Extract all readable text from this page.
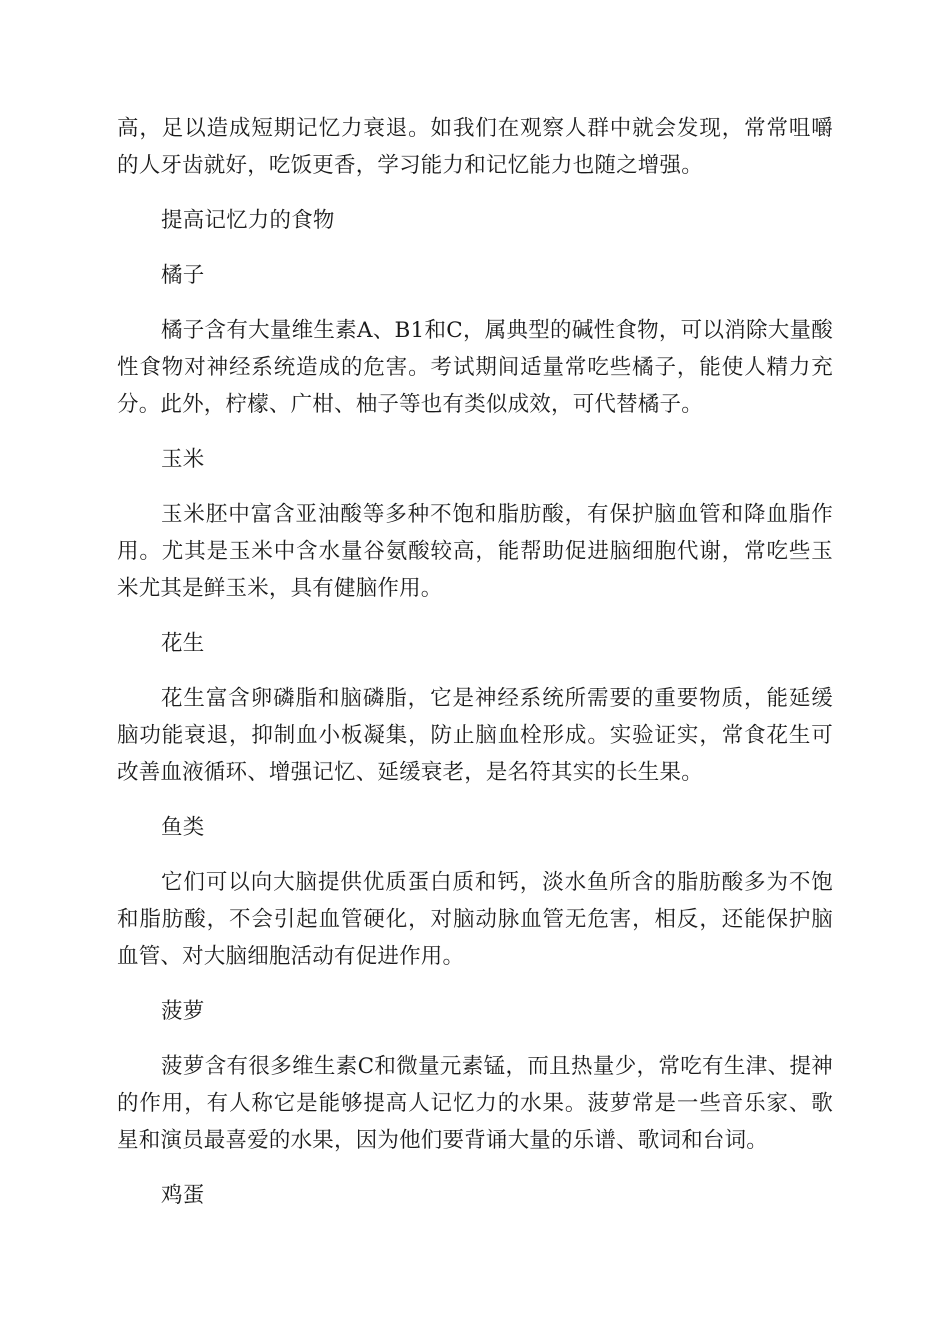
高，足以造成短期记忆力衰退。如我们在观察人群中就会发现，常常咀嚼的人牙齿就好，吃饭更香，学习能力和记忆能力也随之增强。

提高记忆力的食物

橘子

橘子含有大量维生素A、B1和C，属典型的碱性食物，可以消除大量酸性食物对神经系统造成的危害。考试期间适量常吃些橘子，能使人精力充分。此外，柠檬、广柑、柚子等也有类似成效，可代替橘子。

玉米

玉米胚中富含亚油酸等多种不饱和脂肪酸，有保护脑血管和降血脂作用。尤其是玉米中含水量谷氨酸较高，能帮助促进脑细胞代谢，常吃些玉米尤其是鲜玉米，具有健脑作用。

花生

花生富含卵磷脂和脑磷脂，它是神经系统所需要的重要物质，能延缓脑功能衰退，抑制血小板凝集，防止脑血栓形成。实验证实，常食花生可改善血液循环、增强记忆、延缓衰老，是名符其实的长生果。

鱼类

它们可以向大脑提供优质蛋白质和钙，淡水鱼所含的脂肪酸多为不饱和脂肪酸，不会引起血管硬化，对脑动脉血管无危害，相反，还能保护脑血管、对大脑细胞活动有促进作用。

菠萝

菠萝含有很多维生素C和微量元素锰，而且热量少，常吃有生津、提神的作用，有人称它是能够提高人记忆力的水果。菠萝常是一些音乐家、歌星和演员最喜爱的水果，因为他们要背诵大量的乐谱、歌词和台词。

鸡蛋
